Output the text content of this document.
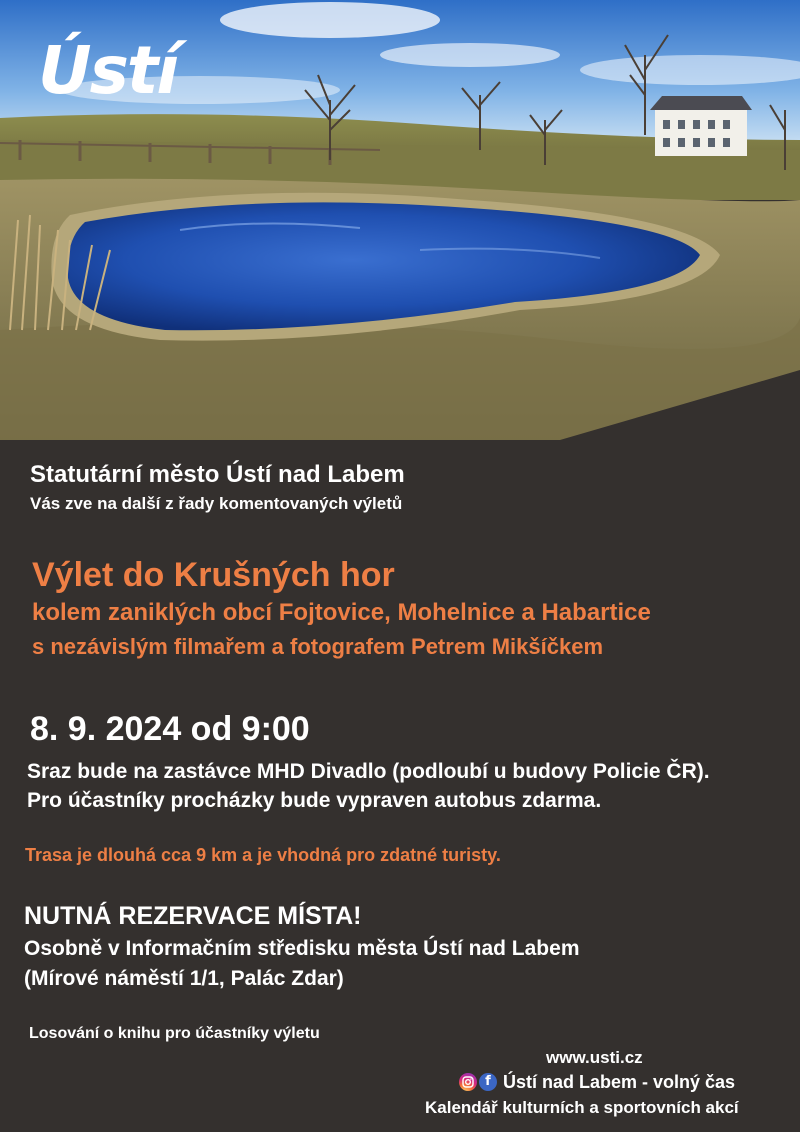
Ústí
Statutární město Ústí nad Labem
Vás zve na další z řady komentovaných výletů
Výlet do Krušných hor
kolem zaniklých obcí Fojtovice, Mohelnice a Habartice
s nezávislým filmařem a fotografem Petrem Mikšíčkem
8. 9. 2024 od 9:00
Sraz bude na zastávce MHD Divadlo (podloubí u budovy Policie ČR).
Pro účastníky procházky bude vypraven autobus zdarma.
Trasa je dlouhá cca 9 km a je vhodná pro zdatné turisty.
NUTNÁ REZERVACE MÍSTA!
Osobně v Informačním středisku města Ústí nad Labem
(Mírové náměstí 1/1, Palác Zdar)
Losování o knihu pro účastníky výletu
www.usti.cz
f Ústí nad Labem - volný čas
Kalendář kulturních a sportovních akcí
